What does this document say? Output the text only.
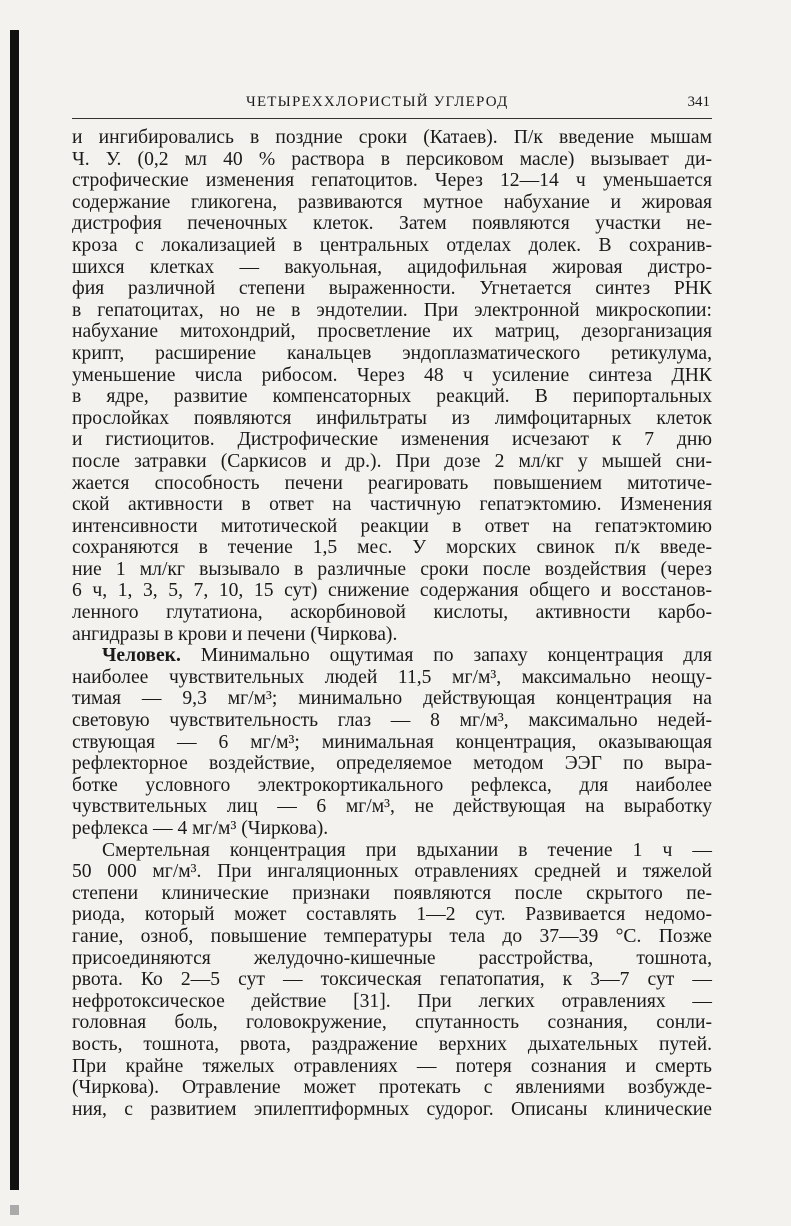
ЧЕТЫРЕХХЛОРИСТЫЙ УГЛЕРОД	341
и ингибировались в поздние сроки (Катаев). П/к введение мышам
Ч. У. (0,2 мл 40 % раствора в персиковом масле) вызывает ди-
строфические изменения гепатоцитов. Через 12—14 ч уменьшается
содержание гликогена, развиваются мутное набухание и жировая
дистрофия печеночных клеток. Затем появляются участки не-
кроза с локализацией в центральных отделах долек. В сохранив-
шихся клетках — вакуольная, ацидофильная жировая дистро-
фия различной степени выраженности. Угнетается синтез РНК
в гепатоцитах, но не в эндотелии. При электронной микроскопии:
набухание митохондрий, просветление их матриц, дезорганизация
крипт, расширение канальцев эндоплазматического ретикулума,
уменьшение числа рибосом. Через 48 ч усиление синтеза ДНК
в ядре, развитие компенсаторных реакций. В перипортальных
прослойках появляются инфильтраты из лимфоцитарных клеток
и гистиоцитов. Дистрофические изменения исчезают к 7 дню
после затравки (Саркисов и др.). При дозе 2 мл/кг у мышей сни-
жается способность печени реагировать повышением митотиче-
ской активности в ответ на частичную гепатэктомию. Изменения
интенсивности митотической реакции в ответ на гепатэктомию
сохраняются в течение 1,5 мес. У морских свинок п/к введе-
ние 1 мл/кг вызывало в различные сроки после воздействия (через
6 ч, 1, 3, 5, 7, 10, 15 сут) снижение содержания общего и восстанов-
ленного глутатиона, аскорбиновой кислоты, активности карбо-
ангидразы в крови и печени (Чиркова).
Человек. Минимально ощутимая по запаху концентрация для
наиболее чувствительных людей 11,5 мг/м³, максимально неощу-
тимая — 9,3 мг/м³; минимально действующая концентрация на
световую чувствительность глаз — 8 мг/м³, максимально недей-
ствующая — 6 мг/м³; минимальная концентрация, оказывающая
рефлекторное воздействие, определяемое методом ЭЭГ по выра-
ботке условного электрокортикального рефлекса, для наиболее
чувствительных лиц — 6 мг/м³, не действующая на выработку
рефлекса — 4 мг/м³ (Чиркова).
Смертельная концентрация при вдыхании в течение 1 ч —
50 000 мг/м³. При ингаляционных отравлениях средней и тяжелой
степени клинические признаки появляются после скрытого пе-
риода, который может составлять 1—2 сут. Развивается недомо-
гание, озноб, повышение температуры тела до 37—39 °С. Позже
присоединяются желудочно-кишечные расстройства, тошнота,
рвота. Ко 2—5 сут — токсическая гепатопатия, к 3—7 сут —
нефротоксическое действие [31]. При легких отравлениях —
головная боль, головокружение, спутанность сознания, сонли-
вость, тошнота, рвота, раздражение верхних дыхательных путей.
При крайне тяжелых отравлениях — потеря сознания и смерть
(Чиркова). Отравление может протекать с явлениями возбужде-
ния, с развитием эпилептиформных судорог. Описаны клинические
